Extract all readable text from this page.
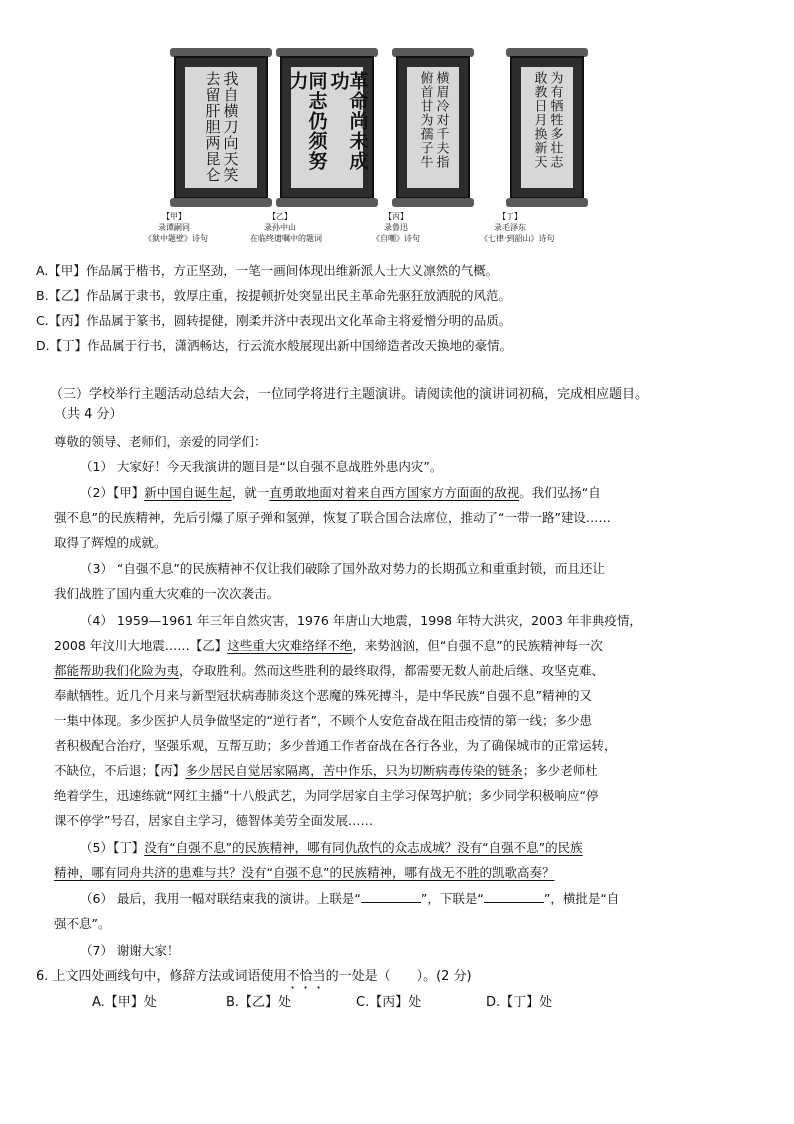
我自横刀向天笑
去留肝胆两昆仑
【甲】
录谭嗣同
《狱中题壁》诗句
革命尚未成功
同志仍须努力
【乙】
录孙中山
在临终遗嘱中的题词
横眉冷对千夫指
俯首甘为孺子牛
【丙】
录鲁迅
《自嘲》诗句
为有牺牲多壮志
敢教日月换新天
【丁】
录毛泽东
《七律·到韶山》诗句
A.【甲】作品属于楷书，方正坚劲，一笔一画间体现出维新派人士大义凛然的气概。
B.【乙】作品属于隶书，敦厚庄重，按提顿折处突显出民主革命先驱狂放洒脱的风范。
C.【丙】作品属于篆书，圆转提健，刚柔并济中表现出文化革命主将爱憎分明的品质。
D.【丁】作品属于行书，潇洒畅达，行云流水般展现出新中国缔造者改天换地的豪情。
（三）学校举行主题活动总结大会，一位同学将进行主题演讲。请阅读他的演讲词初稿，完成相应题目。
（共 4 分）
尊敬的领导、老师们，亲爱的同学们：
（1） 大家好！今天我演讲的题目是“以自强不息战胜外患内灾”。
（2）【甲】新中国自诞生起，就一直勇敢地面对着来自西方国家方方面面的敌视。我们弘扬“自
强不息”的民族精神，先后引爆了原子弹和氢弹，恢复了联合国合法席位，推动了“一带一路”建设……
取得了辉煌的成就。
（3） “自强不息”的民族精神不仅让我们破除了国外敌对势力的长期孤立和重重封锁，而且还让
我们战胜了国内重大灾难的一次次袭击。
（4） 1959—1961 年三年自然灾害，1976 年唐山大地震，1998 年特大洪灾，2003 年非典疫情，
2008 年汶川大地震……【乙】这些重大灾难络绎不绝，来势汹汹，但“自强不息”的民族精神每一次
都能帮助我们化险为夷，夺取胜利。然而这些胜利的最终取得，都需要无数人前赴后继、攻坚克难、
奉献牺牲。近几个月来与新型冠状病毒肺炎这个恶魔的殊死搏斗，是中华民族“自强不息”精神的又
一集中体现。多少医护人员争做坚定的“逆行者”，不顾个人安危奋战在阻击疫情的第一线；多少患
者积极配合治疗，坚强乐观，互帮互助；多少普通工作者奋战在各行各业，为了确保城市的正常运转，
不缺位，不后退；【丙】多少居民自觉居家隔离，苦中作乐，只为切断病毒传染的链条；多少老师杜
绝着学生，迅速练就“网红主播”十八般武艺，为同学居家自主学习保驾护航；多少同学积极响应“停
课不停学”号召，居家自主学习，德智体美劳全面发展……
（5）【丁】没有“自强不息”的民族精神，哪有同仇敌忾的众志成城？没有“自强不息”的民族
精神，哪有同舟共济的患难与共？没有“自强不息”的民族精神，哪有战无不胜的凯歌高奏？
（6） 最后，我用一幅对联结束我的演讲。上联是“	”，下联是“	”，横批是“自
强不息”。
（7） 谢谢大家！
6. 上文四处画线句中，修辞方法或词语使用不恰当的一处是（　　）。(2 分)
A.【甲】处	B.【乙】处	C.【丙】处	D.【丁】处
